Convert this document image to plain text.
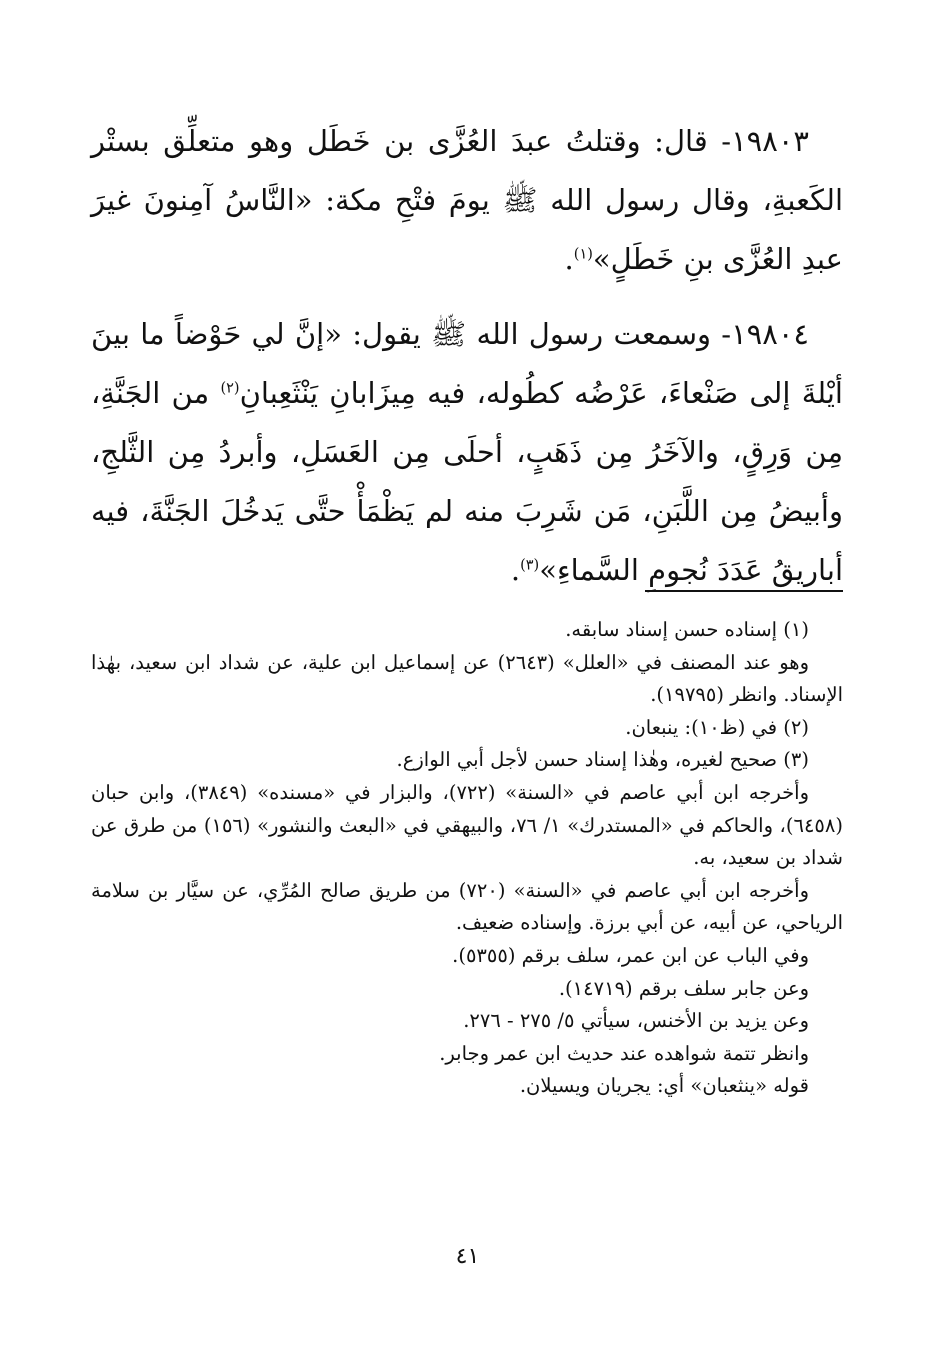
١٩٨٠٣- قال: وقتلتُ عبدَ العُزَّى بن خَطَل وهو متعلِّق بستْر الكَعبةِ، وقال رسول الله ﷺ يومَ فتْحِ مكة: «النَّاسُ آمِنونَ غيرَ عبدِ العُزَّى بنِ خَطَلٍ»$^{(١)}$.

١٩٨٠٤- وسمعت رسول الله ﷺ يقول: «إنَّ لي حَوْضاً ما بينَ أيْلةَ إلى صَنْعاءَ، عَرْضُه كطُوله، فيه مِيزَابانِ يَنْثَعِبانِ$^{(٢)}$ من الجَنَّةِ، مِن وَرِقٍ، والآخَرُ مِن ذَهَبٍ، أحلَى مِن العَسَلِ، وأبردُ مِن الثَّلجِ، وأبيضُ مِن اللَّبَنِ، مَن شَرِبَ منه لم يَظْمَأْ حتَّى يَدخُلَ الجَنَّةَ، فيه أباريقُ عَدَدَ نُجومِ السَّماءِ»$^{(٣)}$.

(١) إسناده حسن إسناد سابقه.

وهو عند المصنف في «العلل» (٢٦٤٣) عن إسماعيل ابن علية، عن شداد ابن سعيد، بهٰذا الإسناد. وانظر (١٩٧٩٥).

(٢) في (ظ١٠): ينبعان.

(٣) صحيح لغيره، وهٰذا إسناد حسن لأجل أبي الوازع.

وأخرجه ابن أبي عاصم في «السنة» (٧٢٢)، والبزار في «مسنده» (٣٨٤٩)، وابن حبان (٦٤٥٨)، والحاكم في «المستدرك» ١/ ٧٦، والبيهقي في «البعث والنشور» (١٥٦) من طرق عن شداد بن سعيد، به.

وأخرجه ابن أبي عاصم في «السنة» (٧٢٠) من طريق صالح المُرِّي، عن سيَّار بن سلامة الرياحي، عن أبيه، عن أبي برزة. وإسناده ضعيف.

وفي الباب عن ابن عمر، سلف برقم (٥٣٥٥).

وعن جابر سلف برقم (١٤٧١٩).

وعن يزيد بن الأخنس، سيأتي ٥/ ٢٧٥ - ٢٧٦.

وانظر تتمة شواهده عند حديث ابن عمر وجابر.

قوله «ينثعبان» أي: يجريان ويسيلان.

٤١
